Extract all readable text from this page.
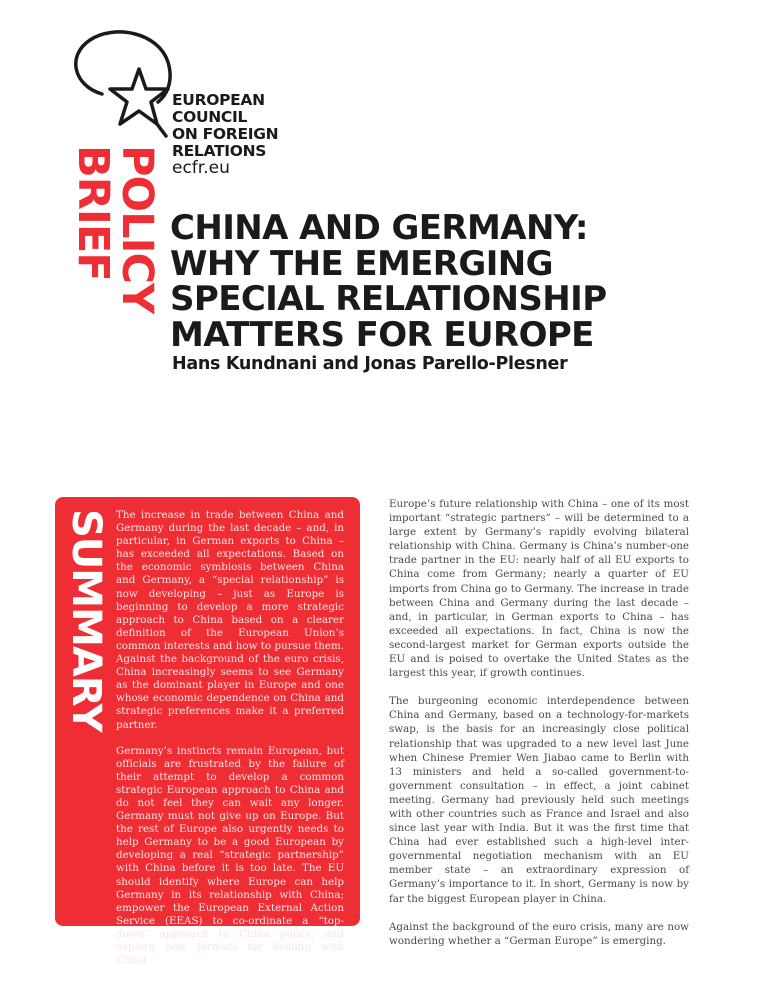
EUROPEAN
COUNCIL
ON FOREIGN
RELATIONS
ecfr.eu
POLICY
BRIEF CHINA AND GERMANY:
WHY THE EMERGING
SPECIAL RELATIONSHIP
MATTERS FOR EUROPE
Hans Kundnani and Jonas Parello-Plesner
SUMMARY The increase in trade between China and Germany during the last decade – and, in particular, in German exports to China – has exceeded all expectations. Based on the economic symbiosis between China and Germany, a “special relationship” is now developing – just as Europe is beginning to develop a more strategic approach to China based on a clearer definition of the European Union’s common interests and how to pursue them. Against the background of the euro crisis, China increasingly seems to see Germany as the dominant player in Europe and one whose economic dependence on China and strategic preferences make it a preferred partner.

Germany’s instincts remain European, but officials are frustrated by the failure of their attempt to develop a common strategic European approach to China and do not feel they can wait any longer. Germany must not give up on Europe. But the rest of Europe also urgently needs to help Germany to be a good European by developing a real “strategic partnership” with China before it is too late. The EU should identify where Europe can help Germany in its relationship with China; empower the European External Action Service (EEAS) to co-ordinate a “top-down” approach to China policy; and explore new formats for dealing with China.

Europe’s future relationship with China – one of its most important “strategic partners” – will be determined to a large extent by Germany’s rapidly evolving bilateral relationship with China. Germany is China’s number-one trade partner in the EU: nearly half of all EU exports to China come from Germany; nearly a quarter of EU imports from China go to Germany. The increase in trade between China and Germany during the last decade – and, in particular, in German exports to China – has exceeded all expectations. In fact, China is now the second-largest market for German exports outside the EU and is poised to overtake the United States as the largest this year, if growth continues.

The burgeoning economic interdependence between China and Germany, based on a technology-for-markets swap, is the basis for an increasingly close political relationship that was upgraded to a new level last June when Chinese Premier Wen Jiabao came to Berlin with 13 ministers and held a so-called government-to-government consultation – in effect, a joint cabinet meeting. Germany had previously held such meetings with other countries such as France and Israel and also since last year with India. But it was the first time that China had ever established such a high-level inter-governmental negotiation mechanism with an EU member state – an extraordinary expression of Germany’s importance to it. In short, Germany is now by far the biggest European player in China.

Against the background of the euro crisis, many are now wondering whether a “German Europe” is emerging.
